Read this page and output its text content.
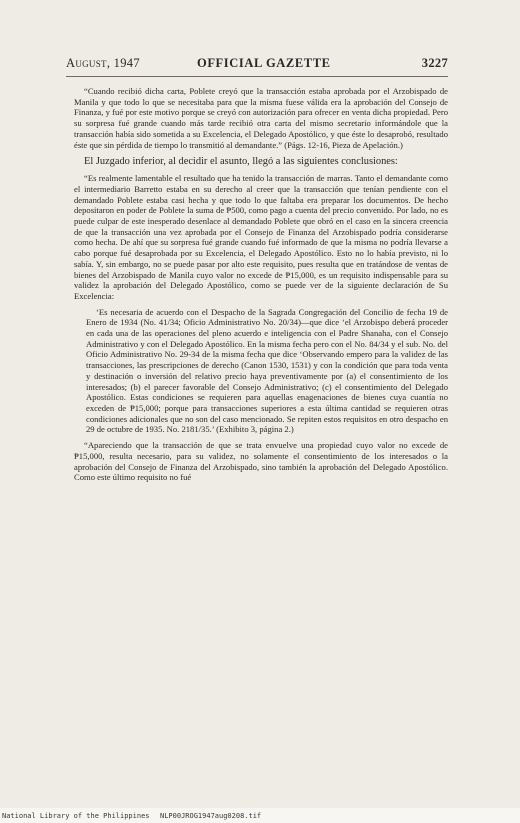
August, 1947	OFFICIAL GAZETTE	3227

“Cuando recibió dicha carta, Poblete creyó que la transacción estaba aprobada por el Arzobispado de Manila y que todo lo que se necesitaba para que la misma fuese válida era la aprobación del Consejo de Finanza, y fué por este motivo porque se creyó con autorización para ofrecer en venta dicha propiedad. Pero su sorpresa fué grande cuando más tarde recibió otra carta del mismo secretario informándole que la transacción había sido sometida a su Excelencia, el Delegado Apostólico, y que éste lo desaprobó, resultado éste que sin pérdida de tiempo lo transmitió al demandante.” (Págs. 12-16, Pieza de Apelación.)

El Juzgado inferior, al decidir el asunto, llegó a las siguientes conclusiones:

“Es realmente lamentable el resultado que ha tenido la transacción de marras. Tanto el demandante como el intermediario Barretto estaba en su derecho al creer que la transacción que tenían pendiente con el demandado Poblete estaba casi hecha y que todo lo que faltaba era preparar los documentos. De hecho depositaron en poder de Poblete la suma de ₱500, como pago a cuenta del precio convenido. Por lado, no es puede culpar de este inesperado desenlace al demandado Poblete que obró en el caso en la sincera creencia de que la transacción una vez aprobada por el Consejo de Finanza del Arzobispado podría considerarse como hecha. De ahí que su sorpresa fué grande cuando fué informado de que la misma no podría llevarse a cabo porque fué desaprobada por su Excelencia, el Delegado Apostólico. Esto no lo había previsto, ni lo sabía. Y, sin embargo, no se puede pasar por alto este requisito, pues resulta que en tratándose de ventas de bienes del Arzobispado de Manila cuyo valor no excede de ₱15,000, es un requisito indispensable para su validez la aprobación del Delegado Apostólico, como se puede ver de la siguiente declaración de Su Excelencia:

‘Es necesaria de acuerdo con el Despacho de la Sagrada Congregación del Concilio de fecha 19 de Enero de 1934 (No. 41/34; Oficio Administrativo No. 20/34)—que dice ‘el Arzobispo deberá proceder en cada una de las operaciones del pleno acuerdo e inteligencia con el Padre Shanaha, con el Consejo Administrativo y con el Delegado Apostólico. En la misma fecha pero con el No. 84/34 y el sub. No. del Oficio Administrativo No. 29-34 de la misma fecha que dice ‘Observando empero para la validez de las transacciones, las prescripciones de derecho (Canon 1530, 1531) y con la condición que para toda venta y destinación o inversión del relativo precio haya preventivamente por (a) el consentimiento de los interesados; (b) el parecer favorable del Consejo Administrativo; (c) el consentimiento del Delegado Apostólico. Estas condiciones se requieren para aquellas enagenaciones de bienes cuya cuantía no exceden de ₱15,000; porque para transacciones superiores a esta última cantidad se requieren otras condiciones adicionales que no son del caso mencionado. Se repiten estos requisitos en otro despacho en 29 de octubre de 1935. No. 2181/35.’ (Exhibito 3, página 2.)

“Apareciendo que la transacción de que se trata envuelve una propiedad cuyo valor no excede de ₱15,000, resulta necesario, para su validez, no solamente el consentimiento de los interesados o la aprobación del Consejo de Finanza del Arzobispado, sino también la aprobación del Delegado Apostólico. Como este último requisito no fué

National Library of the Philippines NLP00JROG1947aug0208.tif
